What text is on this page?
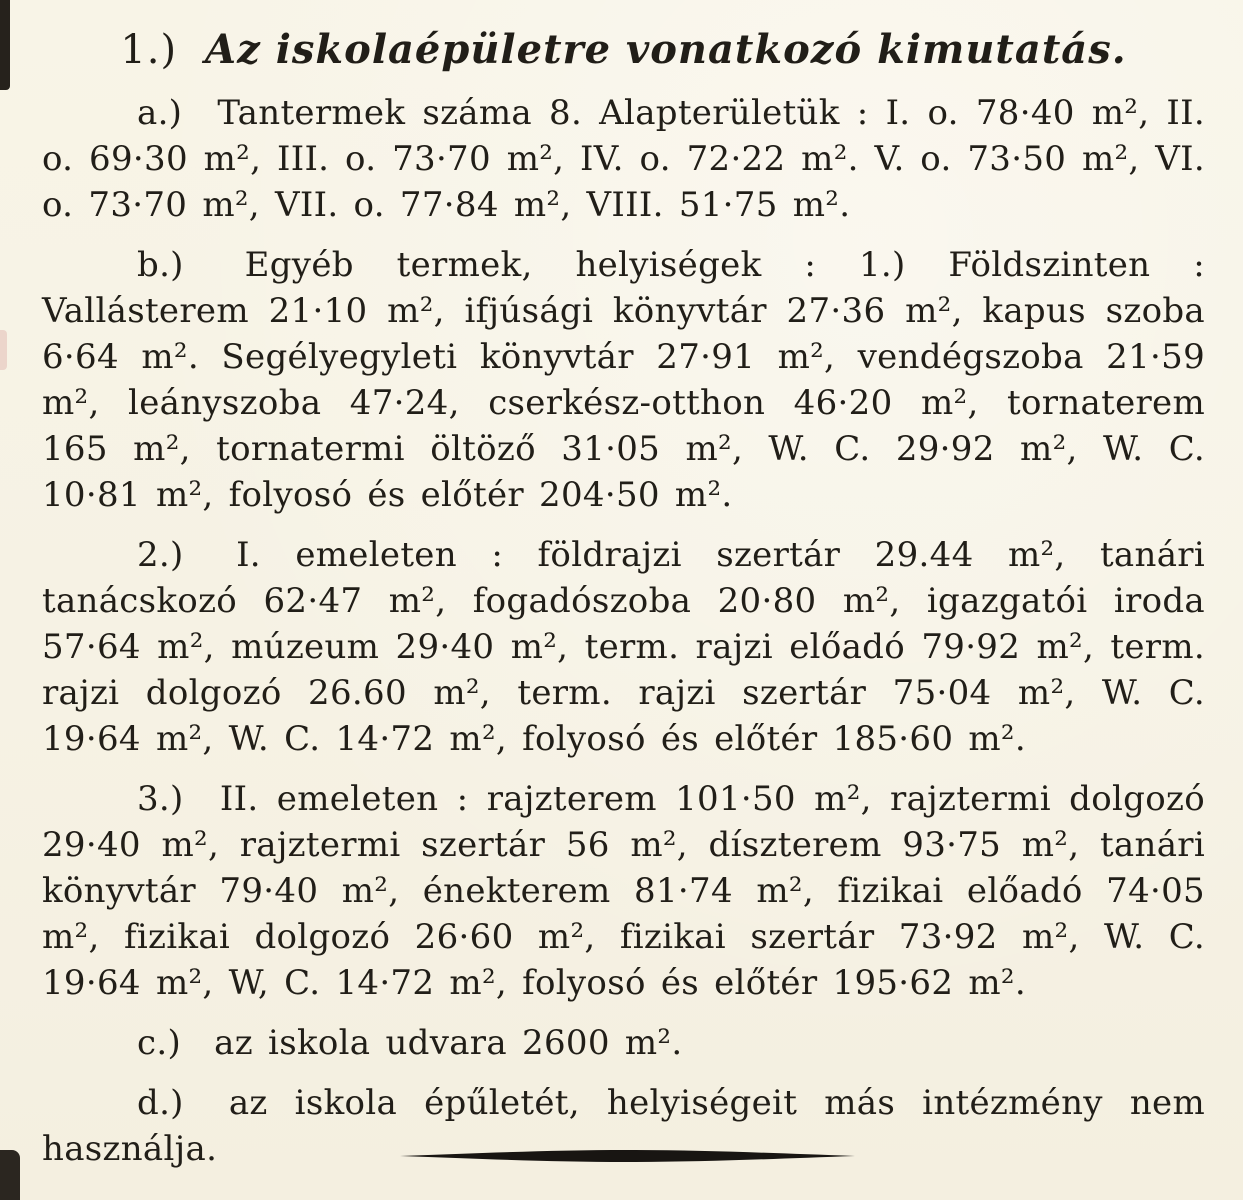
1.) Az iskolaépületre vonatkozó kimutatás.

a.) Tantermek száma 8. Alapterületük : I. o. 78·40 m², II. o. 69·30 m², III. o. 73·70 m², IV. o. 72·22 m². V. o. 73·50 m², VI. o. 73·70 m², VII. o. 77·84 m², VIII. 51·75 m².

b.) Egyéb termek, helyiségek : 1.) Földszinten : Vallásterem 21·10 m², ifjúsági könyvtár 27·36 m², kapus szoba 6·64 m². Segélyegyleti könyvtár 27·91 m², vendégszoba 21·59 m², leányszoba 47·24, cserkész-otthon 46·20 m², tornaterem 165 m², tornatermi öltöző 31·05 m², W. C. 29·92 m², W. C. 10·81 m², folyosó és előtér 204·50 m².

2.) I. emeleten : földrajzi szertár 29.44 m², tanári tanácskozó 62·47 m², fogadószoba 20·80 m², igazgatói iroda 57·64 m², múzeum 29·40 m², term. rajzi előadó 79·92 m², term. rajzi dolgozó 26.60 m², term. rajzi szertár 75·04 m², W. C. 19·64 m², W. C. 14·72 m², folyosó és előtér 185·60 m².

3.) II. emeleten : rajzterem 101·50 m², rajztermi dolgozó 29·40 m², rajztermi szertár 56 m², díszterem 93·75 m², tanári könyvtár 79·40 m², énekterem 81·74 m², fizikai előadó 74·05 m², fizikai dolgozó 26·60 m², fizikai szertár 73·92 m², W. C. 19·64 m², W, C. 14·72 m², folyosó és előtér 195·62 m².

c.) az iskola udvara 2600 m².

d.) az iskola épűletét, helyiségeit más intézmény nem használja.
